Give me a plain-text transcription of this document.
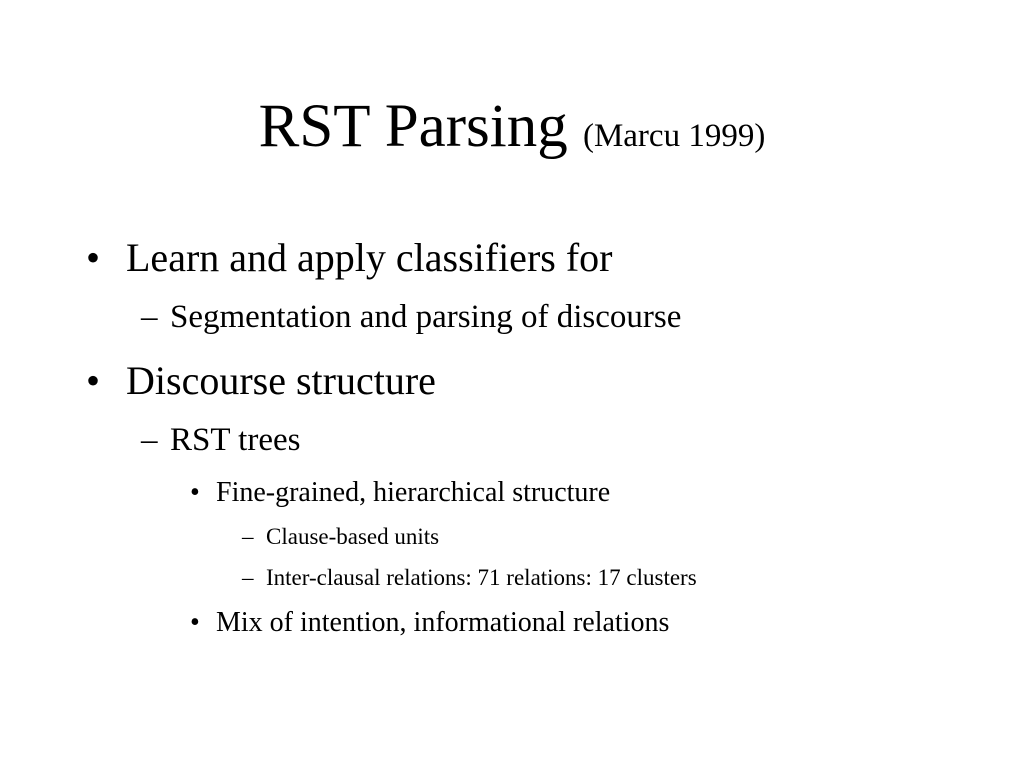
RST Parsing (Marcu 1999)
• Learn and apply classifiers for
– Segmentation and parsing of discourse
• Discourse structure
– RST trees
• Fine-grained, hierarchical structure
– Clause-based units
– Inter-clausal relations: 71 relations: 17 clusters
• Mix of intention, informational relations
